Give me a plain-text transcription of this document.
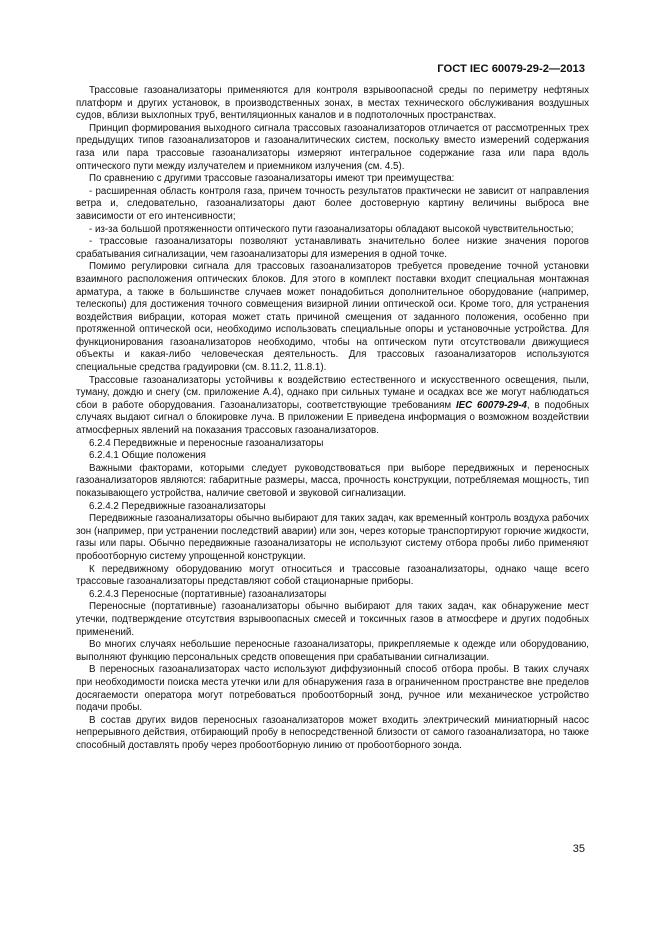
ГОСТ IEC 60079-29-2—2013

Трассовые газоанализаторы применяются для контроля взрывоопасной среды по периметру нефтяных платформ и других установок, в производственных зонах, в местах технического обслуживания воздушных судов, вблизи выхлопных труб, вентиляционных каналов и в подпотолочных пространствах.

Принцип формирования выходного сигнала трассовых газоанализаторов отличается от рассмотренных трех предыдущих типов газоанализаторов и газоаналитических систем, поскольку вместо измерений содержания газа или пара трассовые газоанализаторы измеряют интегральное содержание газа или пара вдоль оптического пути между излучателем и приемником излучения (см. 4.5).

По сравнению с другими трассовые газоанализаторы имеют три преимущества:

- расширенная область контроля газа, причем точность результатов практически не зависит от направления ветра и, следовательно, газоанализаторы дают более достоверную картину величины выброса вне зависимости от его интенсивности;

- из-за большой протяженности оптического пути газоанализаторы обладают высокой чувствительностью;

- трассовые газоанализаторы позволяют устанавливать значительно более низкие значения порогов срабатывания сигнализации, чем газоанализаторы для измерения в одной точке.

Помимо регулировки сигнала для трассовых газоанализаторов требуется проведение точной установки взаимного расположения оптических блоков. Для этого в комплект поставки входит специальная монтажная арматура, а также в большинстве случаев может понадобиться дополнительное оборудование (например, телескопы) для достижения точного совмещения визирной линии оптической оси. Кроме того, для устранения воздействия вибрации, которая может стать причиной смещения от заданного положения, особенно при протяженной оптической оси, необходимо использовать специальные опоры и установочные устройства. Для функционирования газоанализаторов необходимо, чтобы на оптическом пути отсутствовали движущиеся объекты и какая-либо человеческая деятельность. Для трассовых газоанализаторов используются специальные средства градуировки (см. 8.11.2, 11.8.1).

Трассовые газоанализаторы устойчивы к воздействию естественного и искусственного освещения, пыли, туману, дождю и снегу (см. приложение А.4), однако при сильных тумане и осадках все же могут наблюдаться сбои в работе оборудования. Газоанализаторы, соответствующие требованиям IEC 60079-29-4, в подобных случаях выдают сигнал о блокировке луча. В приложении Е приведена информация о возможном воздействии атмосферных явлений на показания трассовых газоанализаторов.

6.2.4 Передвижные и переносные газоанализаторы

6.2.4.1 Общие положения

Важными факторами, которыми следует руководствоваться при выборе передвижных и переносных газоанализаторов являются: габаритные размеры, масса, прочность конструкции, потребляемая мощность, тип показывающего устройства, наличие световой и звуковой сигнализации.

6.2.4.2 Передвижные газоанализаторы

Передвижные газоанализаторы обычно выбирают для таких задач, как временный контроль воздуха рабочих зон (например, при устранении последствий аварии) или зон, через которые транспортируют горючие жидкости, газы или пары. Обычно передвижные газоанализаторы не используют систему отбора пробы либо применяют пробоотборную систему упрощенной конструкции.

К передвижному оборудованию могут относиться и трассовые газоанализаторы, однако чаще всего трассовые газоанализаторы представляют собой стационарные приборы.

6.2.4.3 Переносные (портативные) газоанализаторы

Переносные (портативные) газоанализаторы обычно выбирают для таких задач, как обнаружение мест утечки, подтверждение отсутствия взрывоопасных смесей и токсичных газов в атмосфере и других подобных применений.

Во многих случаях небольшие переносные газоанализаторы, прикрепляемые к одежде или оборудованию, выполняют функцию персональных средств оповещения при срабатывании сигнализации.

В переносных газоанализаторах часто используют диффузионный способ отбора пробы. В таких случаях при необходимости поиска места утечки или для обнаружения газа в ограниченном пространстве вне пределов досягаемости оператора могут потребоваться пробоотборный зонд, ручное или механическое устройство подачи пробы.

В состав других видов переносных газоанализаторов может входить электрический миниатюрный насос непрерывного действия, отбирающий пробу в непосредственной близости от самого газоанализатора, но также способный доставлять пробу через пробоотборную линию от пробоотборного зонда.

35
